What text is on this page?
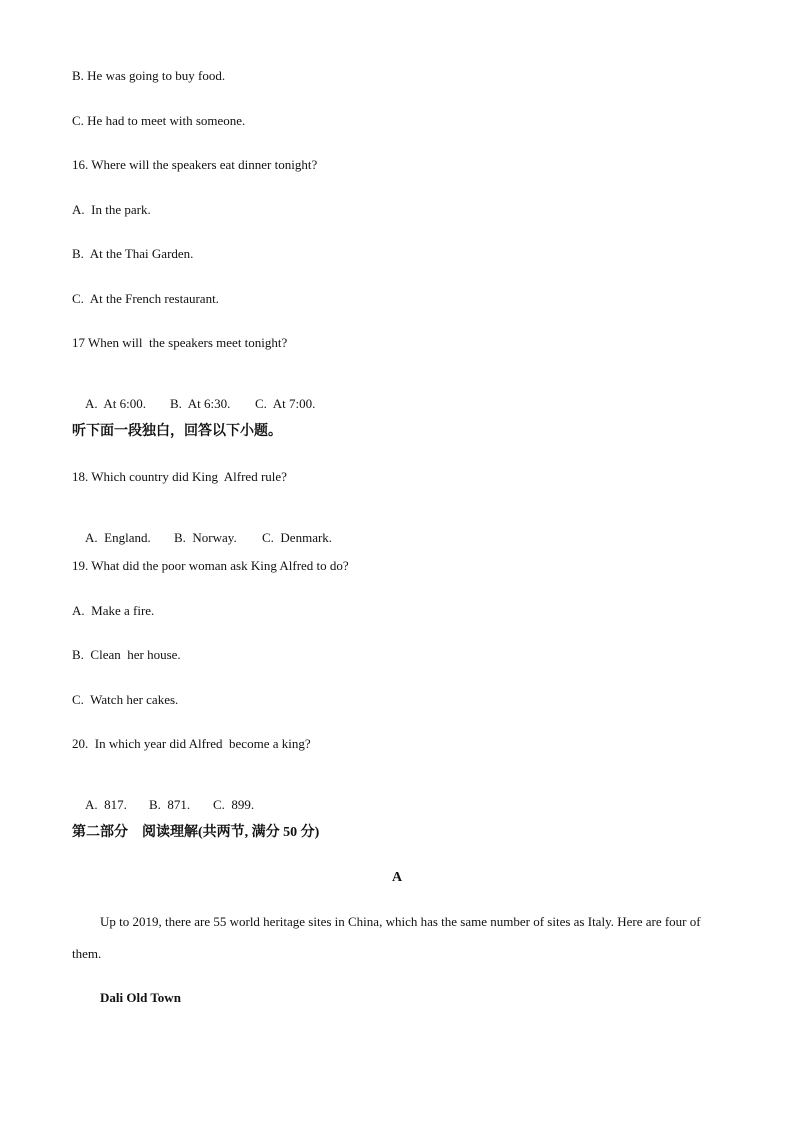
B. He was going to buy food.
C. He had to meet with someone.
16. Where will the speakers eat dinner tonight?
A.  In the park.
B.  At the Thai Garden.
C.  At the French restaurant.
17 When will  the speakers meet tonight?

A.  At 6:00. B.  At 6:30. C.  At 7:00.

听下面一段独白，回答以下小题。
18. Which country did King  Alfred rule?

A.  England. B.  Norway. C.  Denmark.

19. What did the poor woman ask King Alfred to do?
A.  Make a fire.
B.  Clean  her house.
C.  Watch her cakes.
20.  In which year did Alfred  become a king?

A.  817. B.  871. C.  899.

第二部分    阅读理解(共两节, 满分 50 分)
A
Up to 2019, there are 55 world heritage sites in China, which has the same number of sites as Italy. Here are four of them.
Dali Old Town
